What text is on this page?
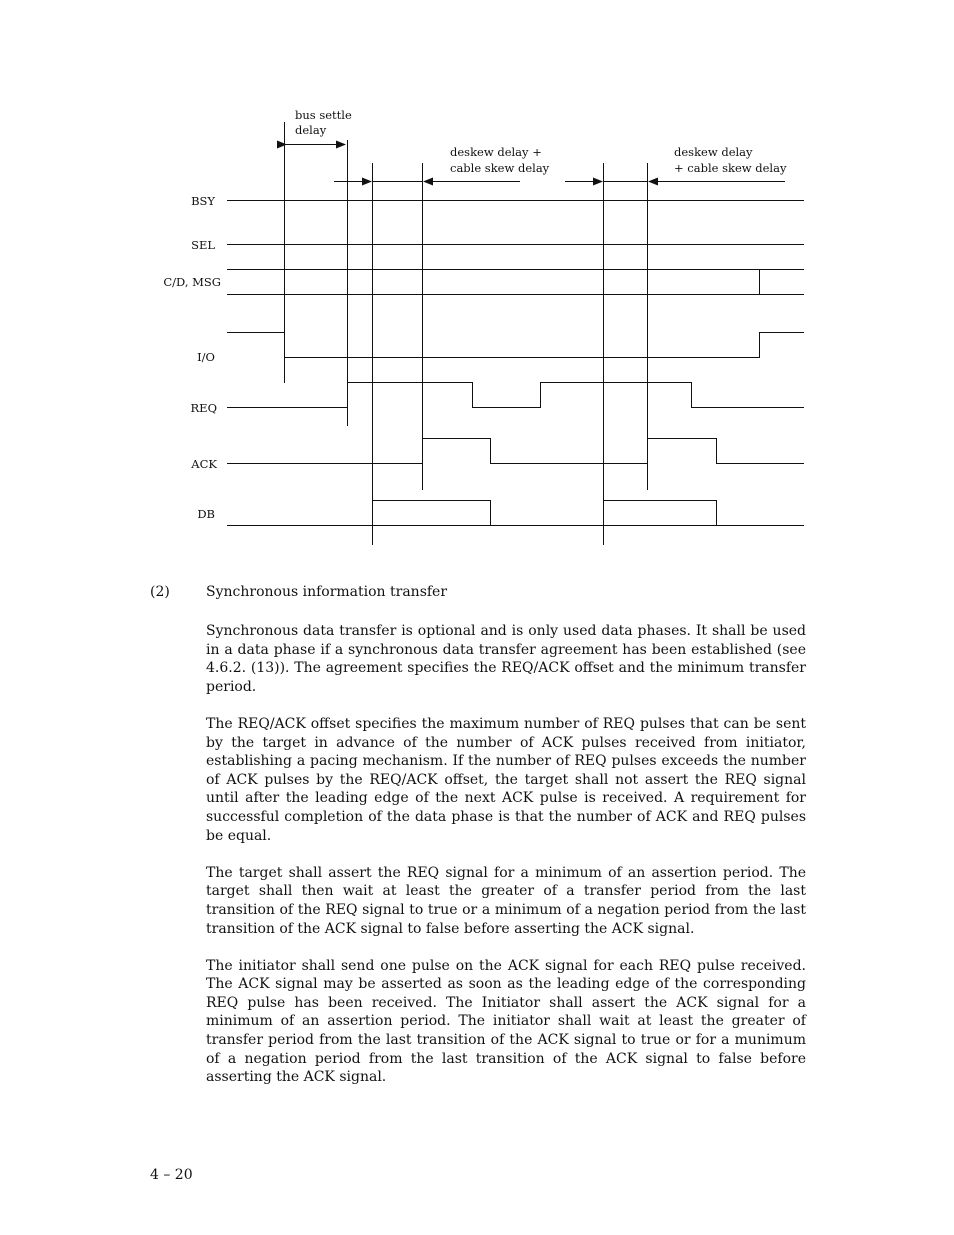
bus settle
delay
deskew delay +
cable skew delay
deskew delay
+ cable skew delay
BSY
SEL
C/D, MSG
I/O
REQ
ACK
DB
(2)	Synchronous information transfer

Synchronous data transfer is optional and is only used data phases. It shall be used in a data phase if a synchronous data transfer agreement has been established (see 4.6.2. (13)). The agreement specifies the REQ/ACK offset and the minimum transfer period.

The REQ/ACK offset specifies the maximum number of REQ pulses that can be sent by the target in advance of the number of ACK pulses received from initiator, establishing a pacing mechanism. If the number of REQ pulses exceeds the number of ACK pulses by the REQ/ACK offset, the target shall not assert the REQ signal until after the leading edge of the next ACK pulse is received. A requirement for successful completion of the data phase is that the number of ACK and REQ pulses be equal.

The target shall assert the REQ signal for a minimum of an assertion period. The target shall then wait at least the greater of a transfer period from the last transition of the REQ signal to true or a minimum of a negation period from the last transition of the ACK signal to false before asserting the ACK signal.

The initiator shall send one pulse on the ACK signal for each REQ pulse received. The ACK signal may be asserted as soon as the leading edge of the corresponding REQ pulse has been received. The Initiator shall assert the ACK signal for a minimum of an assertion period. The initiator shall wait at least the greater of transfer period from the last transition of the ACK signal to true or for a munimum of a negation period from the last transition of the ACK signal to false before asserting the ACK signal.

4 – 20
